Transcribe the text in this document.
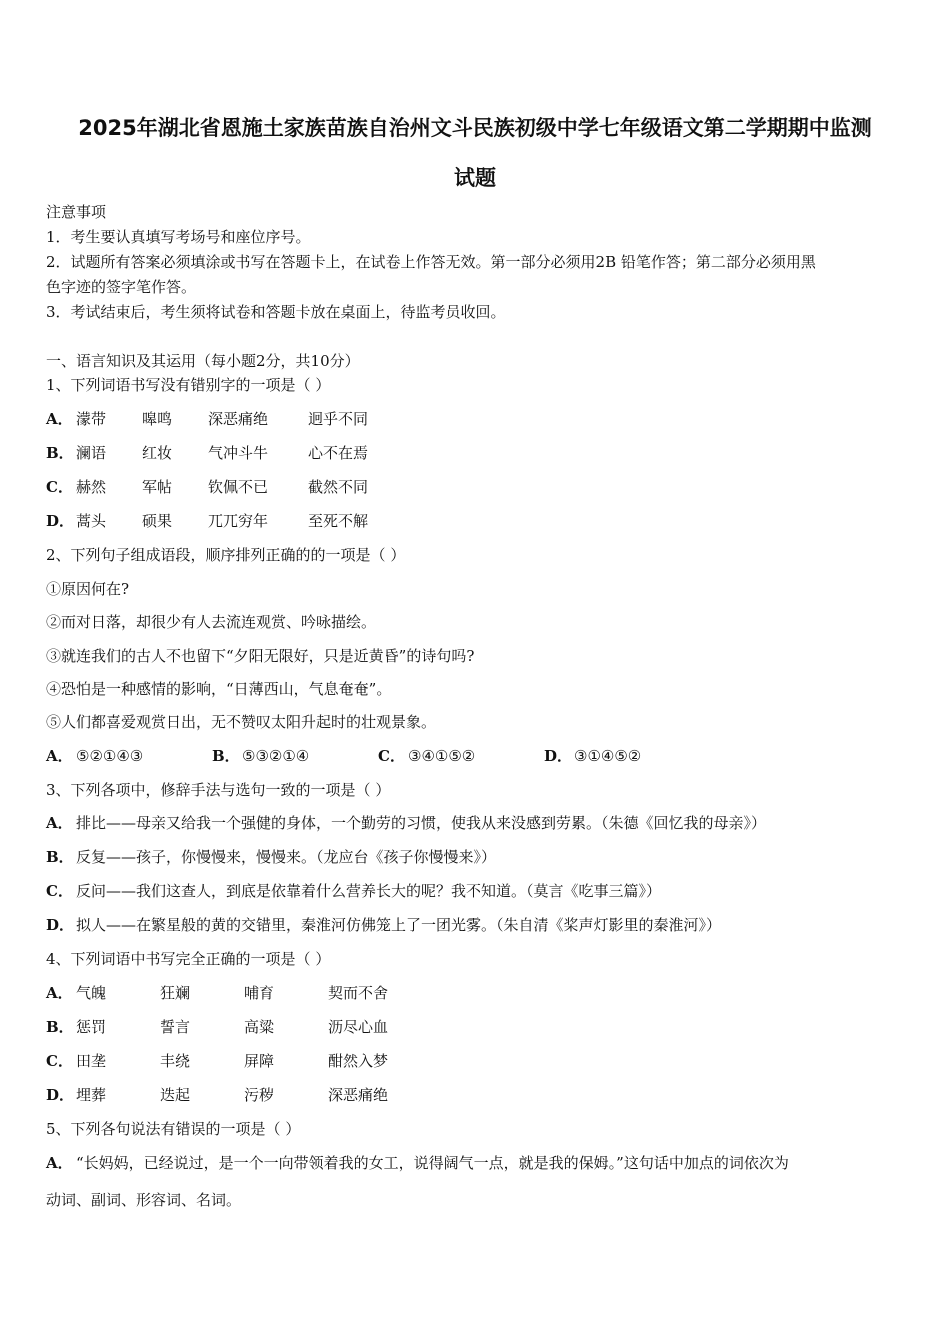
2025年湖北省恩施土家族苗族自治州文斗民族初级中学七年级语文第二学期期中监测
试题
注意事项
1．考生要认真填写考场号和座位序号。
2．试题所有答案必须填涂或书写在答题卡上，在试卷上作答无效。第一部分必须用2B 铅笔作答；第二部分必须用黑
色字迹的签字笔作答。
3．考试结束后，考生须将试卷和答题卡放在桌面上，待监考员收回。
一、语言知识及其运用（每小题2分，共10分）
1、下列词语书写没有错别字的一项是（ ）
A． 濛带 嗥鸣 深恶痛绝	迥乎不同
B． 澜语 红妆 气冲斗牛	心不在焉
C． 赫然 军帖 钦佩不已	截然不同
D． 蒿头 硕果 兀兀穷年	至死不解
2、下列句子组成语段，顺序排列正确的的一项是（ ）
①原因何在?
②而对日落，却很少有人去流连观赏、吟咏描绘。
③就连我们的古人不也留下“夕阳无限好，只是近黄昏”的诗句吗?
④恐怕是一种感情的影响，“日薄西山，气息奄奄”。
⑤人们都喜爱观赏日出，无不赞叹太阳升起时的壮观景象。
A． ⑤②①④③	B． ⑤③②①④	C． ③④①⑤②	D． ③①④⑤②
3、下列各项中，修辞手法与选句一致的一项是（ ）
A． 排比——母亲又给我一个强健的身体，一个勤劳的习惯，使我从来没感到劳累。（朱德《回忆我的母亲》）
B． 反复——孩子，你慢慢来，慢慢来。（龙应台《孩子你慢慢来》）
C． 反问——我们这查人，到底是依靠着什么营养长大的呢？我不知道。（莫言《吃事三篇》）
D． 拟人——在繁星般的黄的交错里，秦淮河仿佛笼上了一团光雾。（朱自清《桨声灯影里的秦淮河》）
4、下列词语中书写完全正确的一项是（ ）
A． 气魄	狂斓	哺育	契而不舍
B． 惩罚	誓言	高粱	沥尽心血
C． 田垄	丰绕	屏障	酣然入梦
D． 埋葬	迭起	污秽	深恶痛绝
5、下列各句说法有错误的一项是（ ）
A． “长妈妈，已经说过，是一个一向带领着我的女工，说得阔气一点，就是我的保姆。”这句话中加点的词依次为
动词、副词、形容词、名词。
